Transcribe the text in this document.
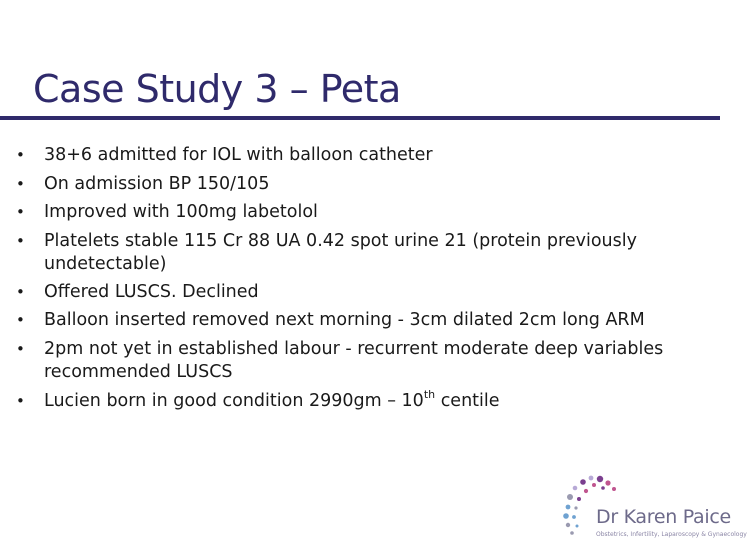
Case Study 3 – Peta
• 38+6 admitted for IOL with balloon catheter
• On admission BP 150/105
• Improved with 100mg labetolol
• Platelets stable 115 Cr 88 UA 0.42 spot urine 21 (protein previously undetectable)
• Offered LUSCS. Declined
• Balloon inserted removed next morning - 3cm dilated 2cm long ARM
• 2pm not yet in established labour - recurrent moderate deep variables recommended LUSCS
• Lucien born in good condition 2990gm – 10th centile
Dr Karen Paice
Obstetrics, Infertility, Laparoscopy & Gynaecology
